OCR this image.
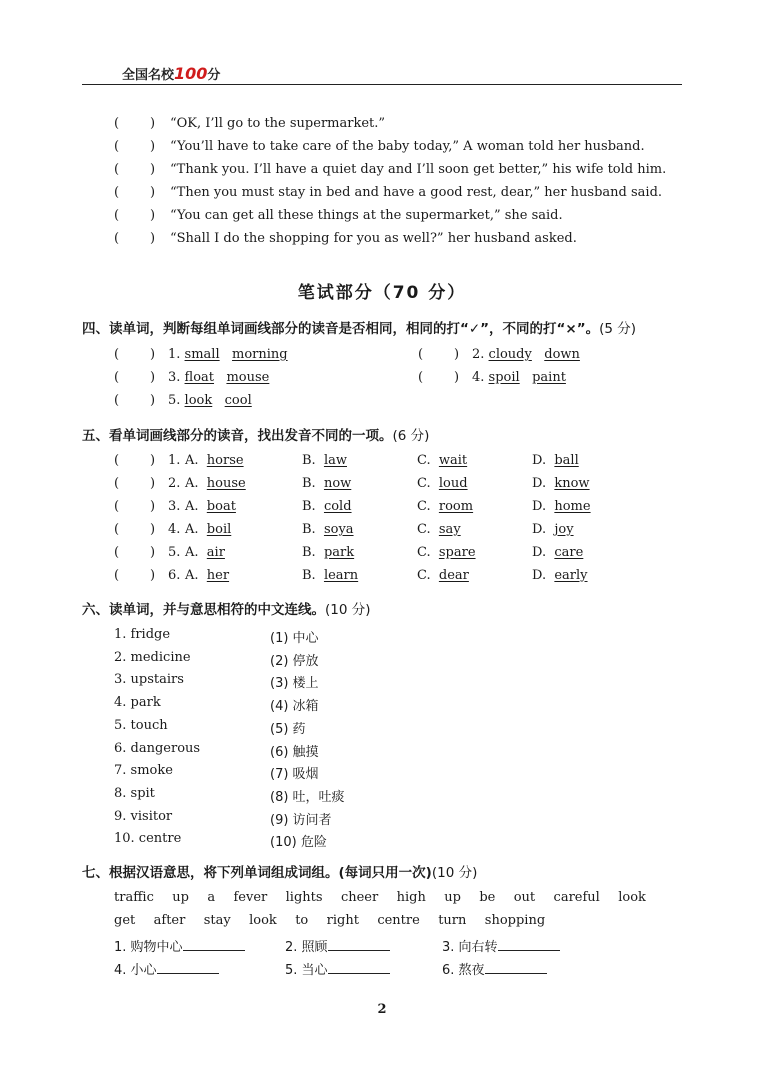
全国名校100分
“OK, I’ll go to the supermarket.”
“You’ll have to take care of the baby today,” A woman told her husband.
“Thank you. I’ll have a quiet day and I’ll soon get better,” his wife told him.
“Then you must stay in bed and have a good rest, dear,” her husband said.
“You can get all these things at the supermarket,” she said.
“Shall I do the shopping for you as well?” her husband asked.
笔试部分（70 分）
四、读单词，判断每组单词画线部分的读音是否相同，相同的打“✓”，不同的打“×”。(5 分)
1. small morning	2. cloudy down
3. float mouse	4. spoil paint
5. look cool
五、看单词画线部分的读音，找出发音不同的一项。(6 分)
1. A. horse	B. law	C. wait	D. ball
2. A. house	B. now	C. loud	D. know
3. A. boat	B. cold	C. room	D. home
4. A. boil	B. soya	C. say	D. joy
5. A. air	B. park	C. spare	D. care
6. A. her	B. learn	C. dear	D. early
六、读单词，并与意思相符的中文连线。(10 分)
1. fridge	(1) 中心
2. medicine	(2) 停放
3. upstairs	(3) 楼上
4. park	(4) 冰箱
5. touch	(5) 药
6. dangerous	(6) 触摸
7. smoke	(7) 吸烟
8. spit	(8) 吐，吐痰
9. visitor	(9) 访问者
10. centre	(10) 危险
七、根据汉语意思，将下列单词组成词组。(每词只用一次)(10 分)
traffic   up   a   fever   lights   cheer   high   up   be   out   careful   look
get   after   stay   look   to   right   centre   turn   shopping
1. 购物中心	2. 照顾	3. 向右转
4. 小心	5. 当心	6. 熬夜
2
